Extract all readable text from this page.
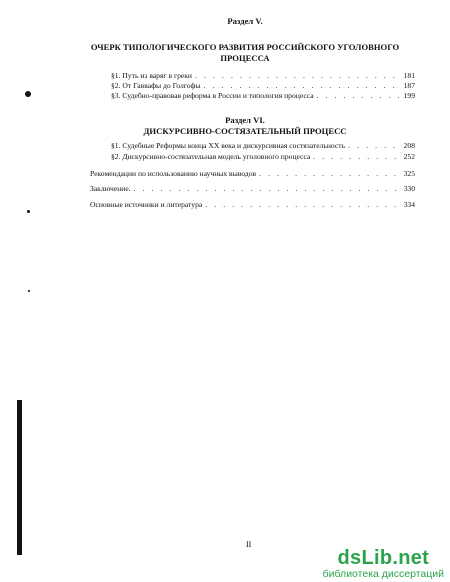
Раздел V.
ОЧЕРК ТИПОЛОГИЧЕСКОГО РАЗВИТИЯ РОССИЙСКОГО УГОЛОВНОГО
ПРОЦЕССА
§1. Путь из варяг в греки . . .	181
§2. От Гаввафы до Голгофы . . .	187
§3. Судебно-правовая реформа в России и типология процесса . . .	199
Раздел VI.
ДИСКУРСИВНО-СОСТЯЗАТЕЛЬНЫЙ ПРОЦЕСС
§1. Судебные Реформы конца XX века и дискурсивная состязательность . . .	208
§2. Дискурсивно-состязательная модель уголовного процесса . . .	252
Рекомендации по использованию научных выводов . . .	325
Заключение. . . .	330
Основные источники и литература . . .	334
II
dsLib.net
библиотека диссертаций
